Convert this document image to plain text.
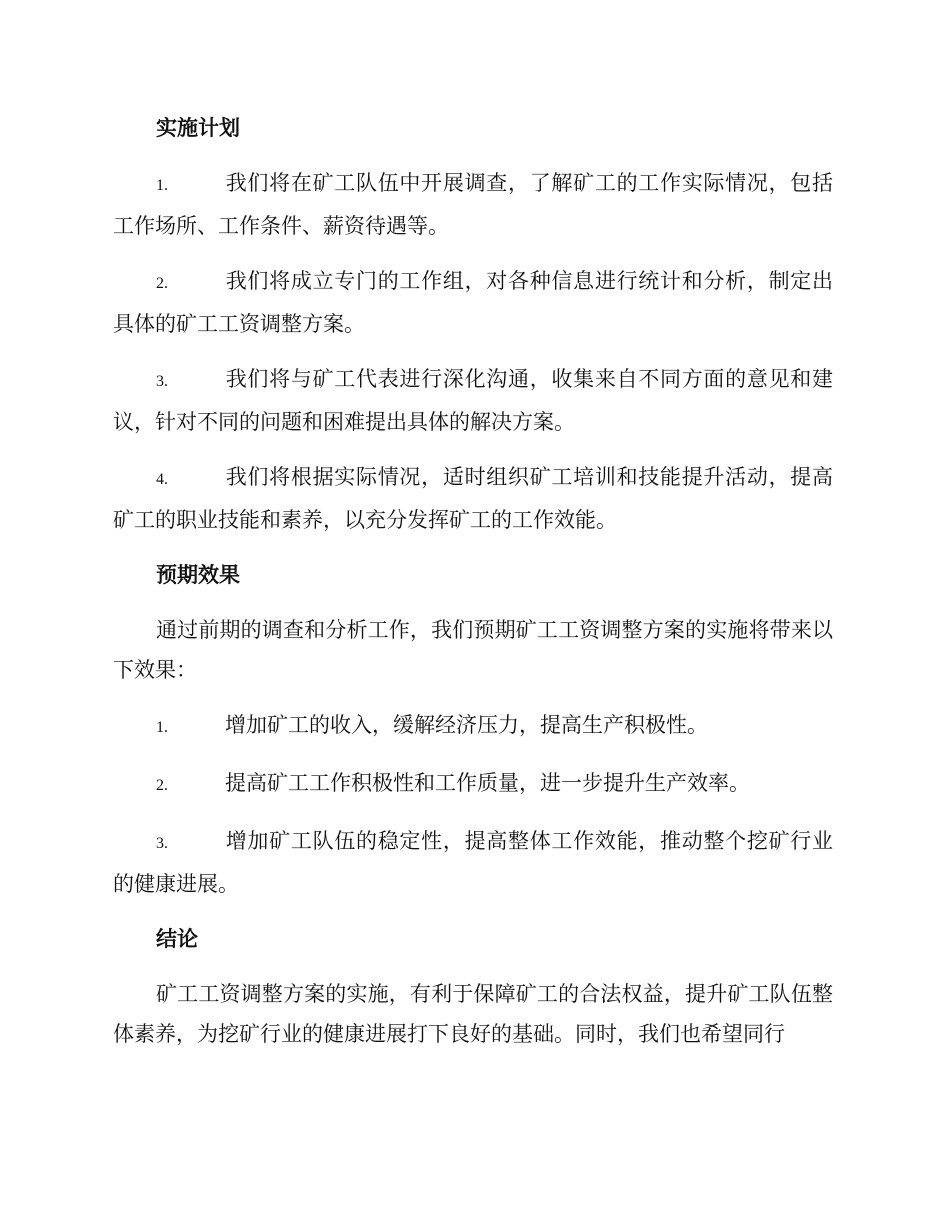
实施计划
1.	我们将在矿工队伍中开展调查，了解矿工的工作实际情况，包括工作场所、工作条件、薪资待遇等。
2.	我们将成立专门的工作组，对各种信息进行统计和分析，制定出具体的矿工工资调整方案。
3.	我们将与矿工代表进行深化沟通，收集来自不同方面的意见和建议，针对不同的问题和困难提出具体的解决方案。
4.	我们将根据实际情况，适时组织矿工培训和技能提升活动，提高矿工的职业技能和素养，以充分发挥矿工的工作效能。
预期效果
通过前期的调查和分析工作，我们预期矿工工资调整方案的实施将带来以下效果：
1.	增加矿工的收入，缓解经济压力，提高生产积极性。
2.	提高矿工工作积极性和工作质量，进一步提升生产效率。
3.	增加矿工队伍的稳定性，提高整体工作效能，推动整个挖矿行业的健康进展。
结论
矿工工资调整方案的实施，有利于保障矿工的合法权益，提升矿工队伍整体素养，为挖矿行业的健康进展打下良好的基础。同时，我们也希望同行
